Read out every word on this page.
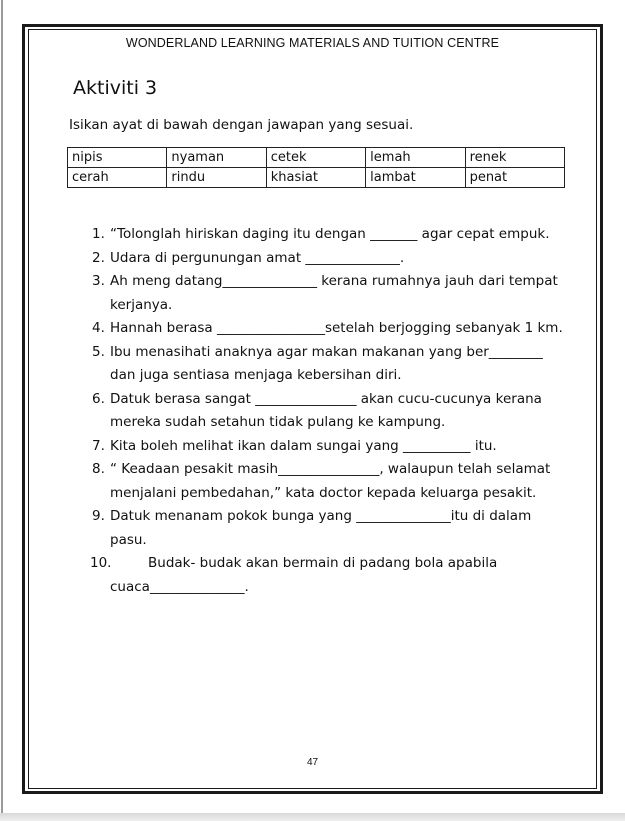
WONDERLAND LEARNING MATERIALS AND TUITION CENTRE
Aktiviti 3
Isikan ayat di bawah dengan jawapan yang sesuai.
nipis	nyaman	cetek	lemah	renek
cerah	rindu	khasiat	lambat	penat
1. “Tolonglah hiriskan daging itu dengan _______ agar cepat empuk.
2. Udara di pergunungan amat ______________.
3. Ah meng datang______________ kerana rumahnya jauh dari tempat kerjanya.
4. Hannah berasa ________________setelah berjogging sebanyak 1 km.
5. Ibu menasihati anaknya agar makan makanan yang ber________ dan juga sentiasa menjaga kebersihan diri.
6. Datuk berasa sangat _______________ akan cucu-cucunya kerana mereka sudah setahun tidak pulang ke kampung.
7. Kita boleh melihat ikan dalam sungai yang __________ itu.
8. “ Keadaan pesakit masih_______________, walaupun telah selamat menjalani pembedahan,” kata doctor kepada keluarga pesakit.
9. Datuk menanam pokok bunga yang ______________itu di dalam pasu.
10.	Budak- budak akan bermain di padang bola apabila cuaca______________.
47
